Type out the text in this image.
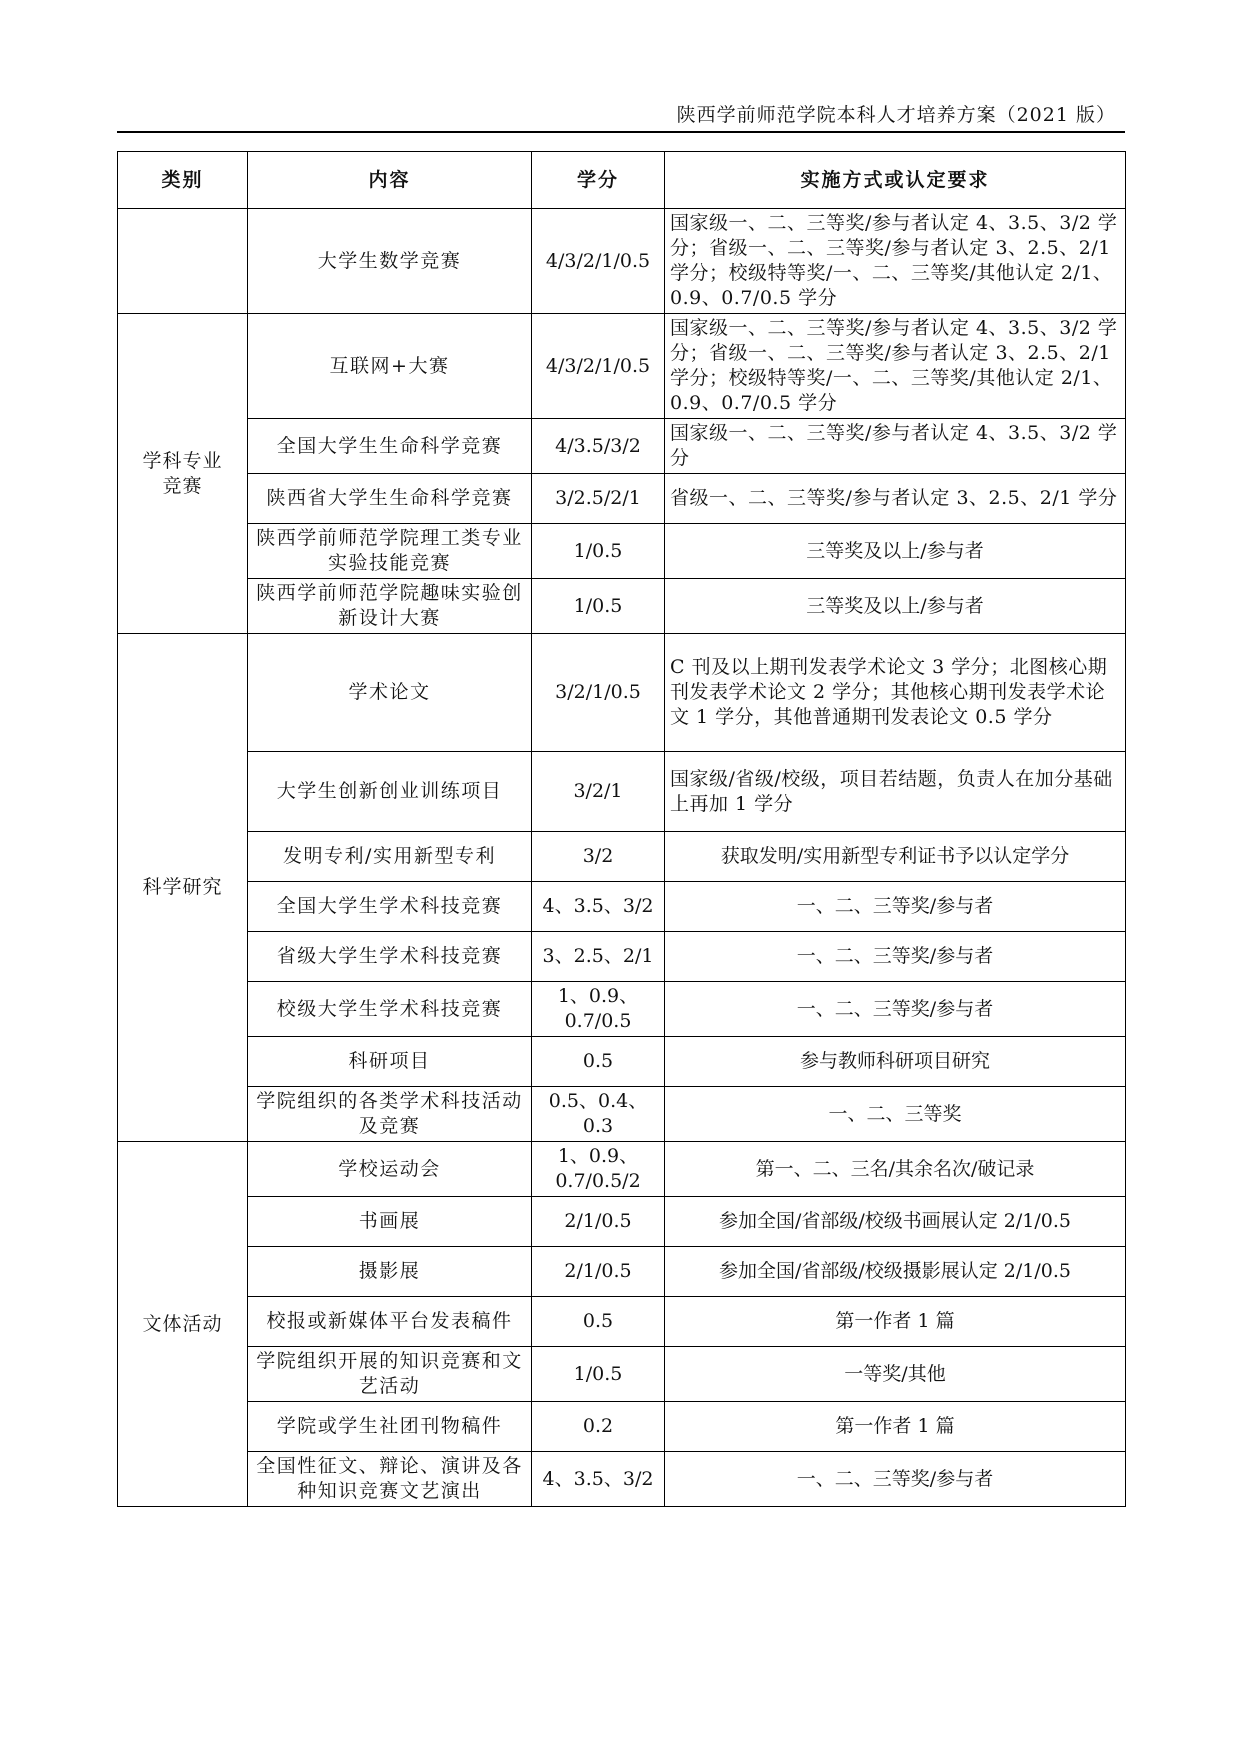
陕西学前师范学院本科人才培养方案（2021 版）
类别	内容	学分	实施方式或认定要求
	大学生数学竞赛	4/3/2/1/0.5	国家级一、二、三等奖/参与者认定 4、3.5、3/2 学分；省级一、二、三等奖/参与者认定 3、2.5、2/1 学分；校级特等奖/一、二、三等奖/其他认定 2/1、0.9、0.7/0.5 学分
学科专业竞赛	互联网+大赛	4/3/2/1/0.5	国家级一、二、三等奖/参与者认定 4、3.5、3/2 学分；省级一、二、三等奖/参与者认定 3、2.5、2/1 学分；校级特等奖/一、二、三等奖/其他认定 2/1、0.9、0.7/0.5 学分
	全国大学生生命科学竞赛	4/3.5/3/2	国家级一、二、三等奖/参与者认定 4、3.5、3/2 学分
	陕西省大学生生命科学竞赛	3/2.5/2/1	省级一、二、三等奖/参与者认定 3、2.5、2/1 学分
	陕西学前师范学院理工类专业实验技能竞赛	1/0.5	三等奖及以上/参与者
	陕西学前师范学院趣味实验创新设计大赛	1/0.5	三等奖及以上/参与者
科学研究	学术论文	3/2/1/0.5	C 刊及以上期刊发表学术论文 3 学分；北图核心期刊发表学术论文 2 学分；其他核心期刊发表学术论文 1 学分，其他普通期刊发表论文 0.5 学分
	大学生创新创业训练项目	3/2/1	国家级/省级/校级，项目若结题，负责人在加分基础上再加 1 学分
	发明专利/实用新型专利	3/2	获取发明/实用新型专利证书予以认定学分
	全国大学生学术科技竞赛	4、3.5、3/2	一、二、三等奖/参与者
	省级大学生学术科技竞赛	3、2.5、2/1	一、二、三等奖/参与者
	校级大学生学术科技竞赛	1、0.9、0.7/0.5	一、二、三等奖/参与者
	科研项目	0.5	参与教师科研项目研究
	学院组织的各类学术科技活动及竞赛	0.5、0.4、0.3	一、二、三等奖
文体活动	学校运动会	1、0.9、0.7/0.5/2	第一、二、三名/其余名次/破记录
	书画展	2/1/0.5	参加全国/省部级/校级书画展认定 2/1/0.5
	摄影展	2/1/0.5	参加全国/省部级/校级摄影展认定 2/1/0.5
	校报或新媒体平台发表稿件	0.5	第一作者 1 篇
	学院组织开展的知识竞赛和文艺活动	1/0.5	一等奖/其他
	学院或学生社团刊物稿件	0.2	第一作者 1 篇
	全国性征文、辩论、演讲及各种知识竞赛文艺演出	4、3.5、3/2	一、二、三等奖/参与者
